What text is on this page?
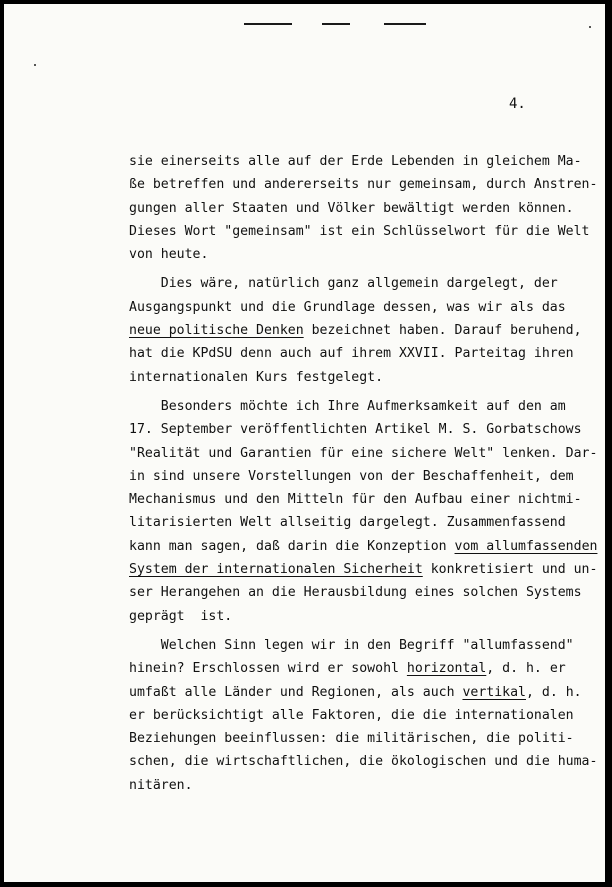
4.
sie einerseits alle auf der Erde Lebenden in gleichem Ma-
ße betreffen und andererseits nur gemeinsam, durch Anstren-
gungen aller Staaten und Völker bewältigt werden können.
Dieses Wort "gemeinsam" ist ein Schlüsselwort für die Welt
von heute.
Dies wäre, natürlich ganz allgemein dargelegt, der
Ausgangspunkt und die Grundlage dessen, was wir als das
neue politische Denken bezeichnet haben. Darauf beruhend,
hat die KPdSU denn auch auf ihrem XXVII. Parteitag ihren
internationalen Kurs festgelegt.
Besonders möchte ich Ihre Aufmerksamkeit auf den am
17. September veröffentlichten Artikel M. S. Gorbatschows
"Realität und Garantien für eine sichere Welt" lenken. Dar-
in sind unsere Vorstellungen von der Beschaffenheit, dem
Mechanismus und den Mitteln für den Aufbau einer nichtmi-
litarisierten Welt allseitig dargelegt. Zusammenfassend
kann man sagen, daß darin die Konzeption vom allumfassenden
System der internationalen Sicherheit konkretisiert und un-
ser Herangehen an die Herausbildung eines solchen Systems
geprägt  ist.
Welchen Sinn legen wir in den Begriff "allumfassend"
hinein? Erschlossen wird er sowohl horizontal, d. h. er
umfaßt alle Länder und Regionen, als auch vertikal, d. h.
er berücksichtigt alle Faktoren, die die internationalen
Beziehungen beeinflussen: die militärischen, die politi-
schen, die wirtschaftlichen, die ökologischen und die huma-
nitären.
